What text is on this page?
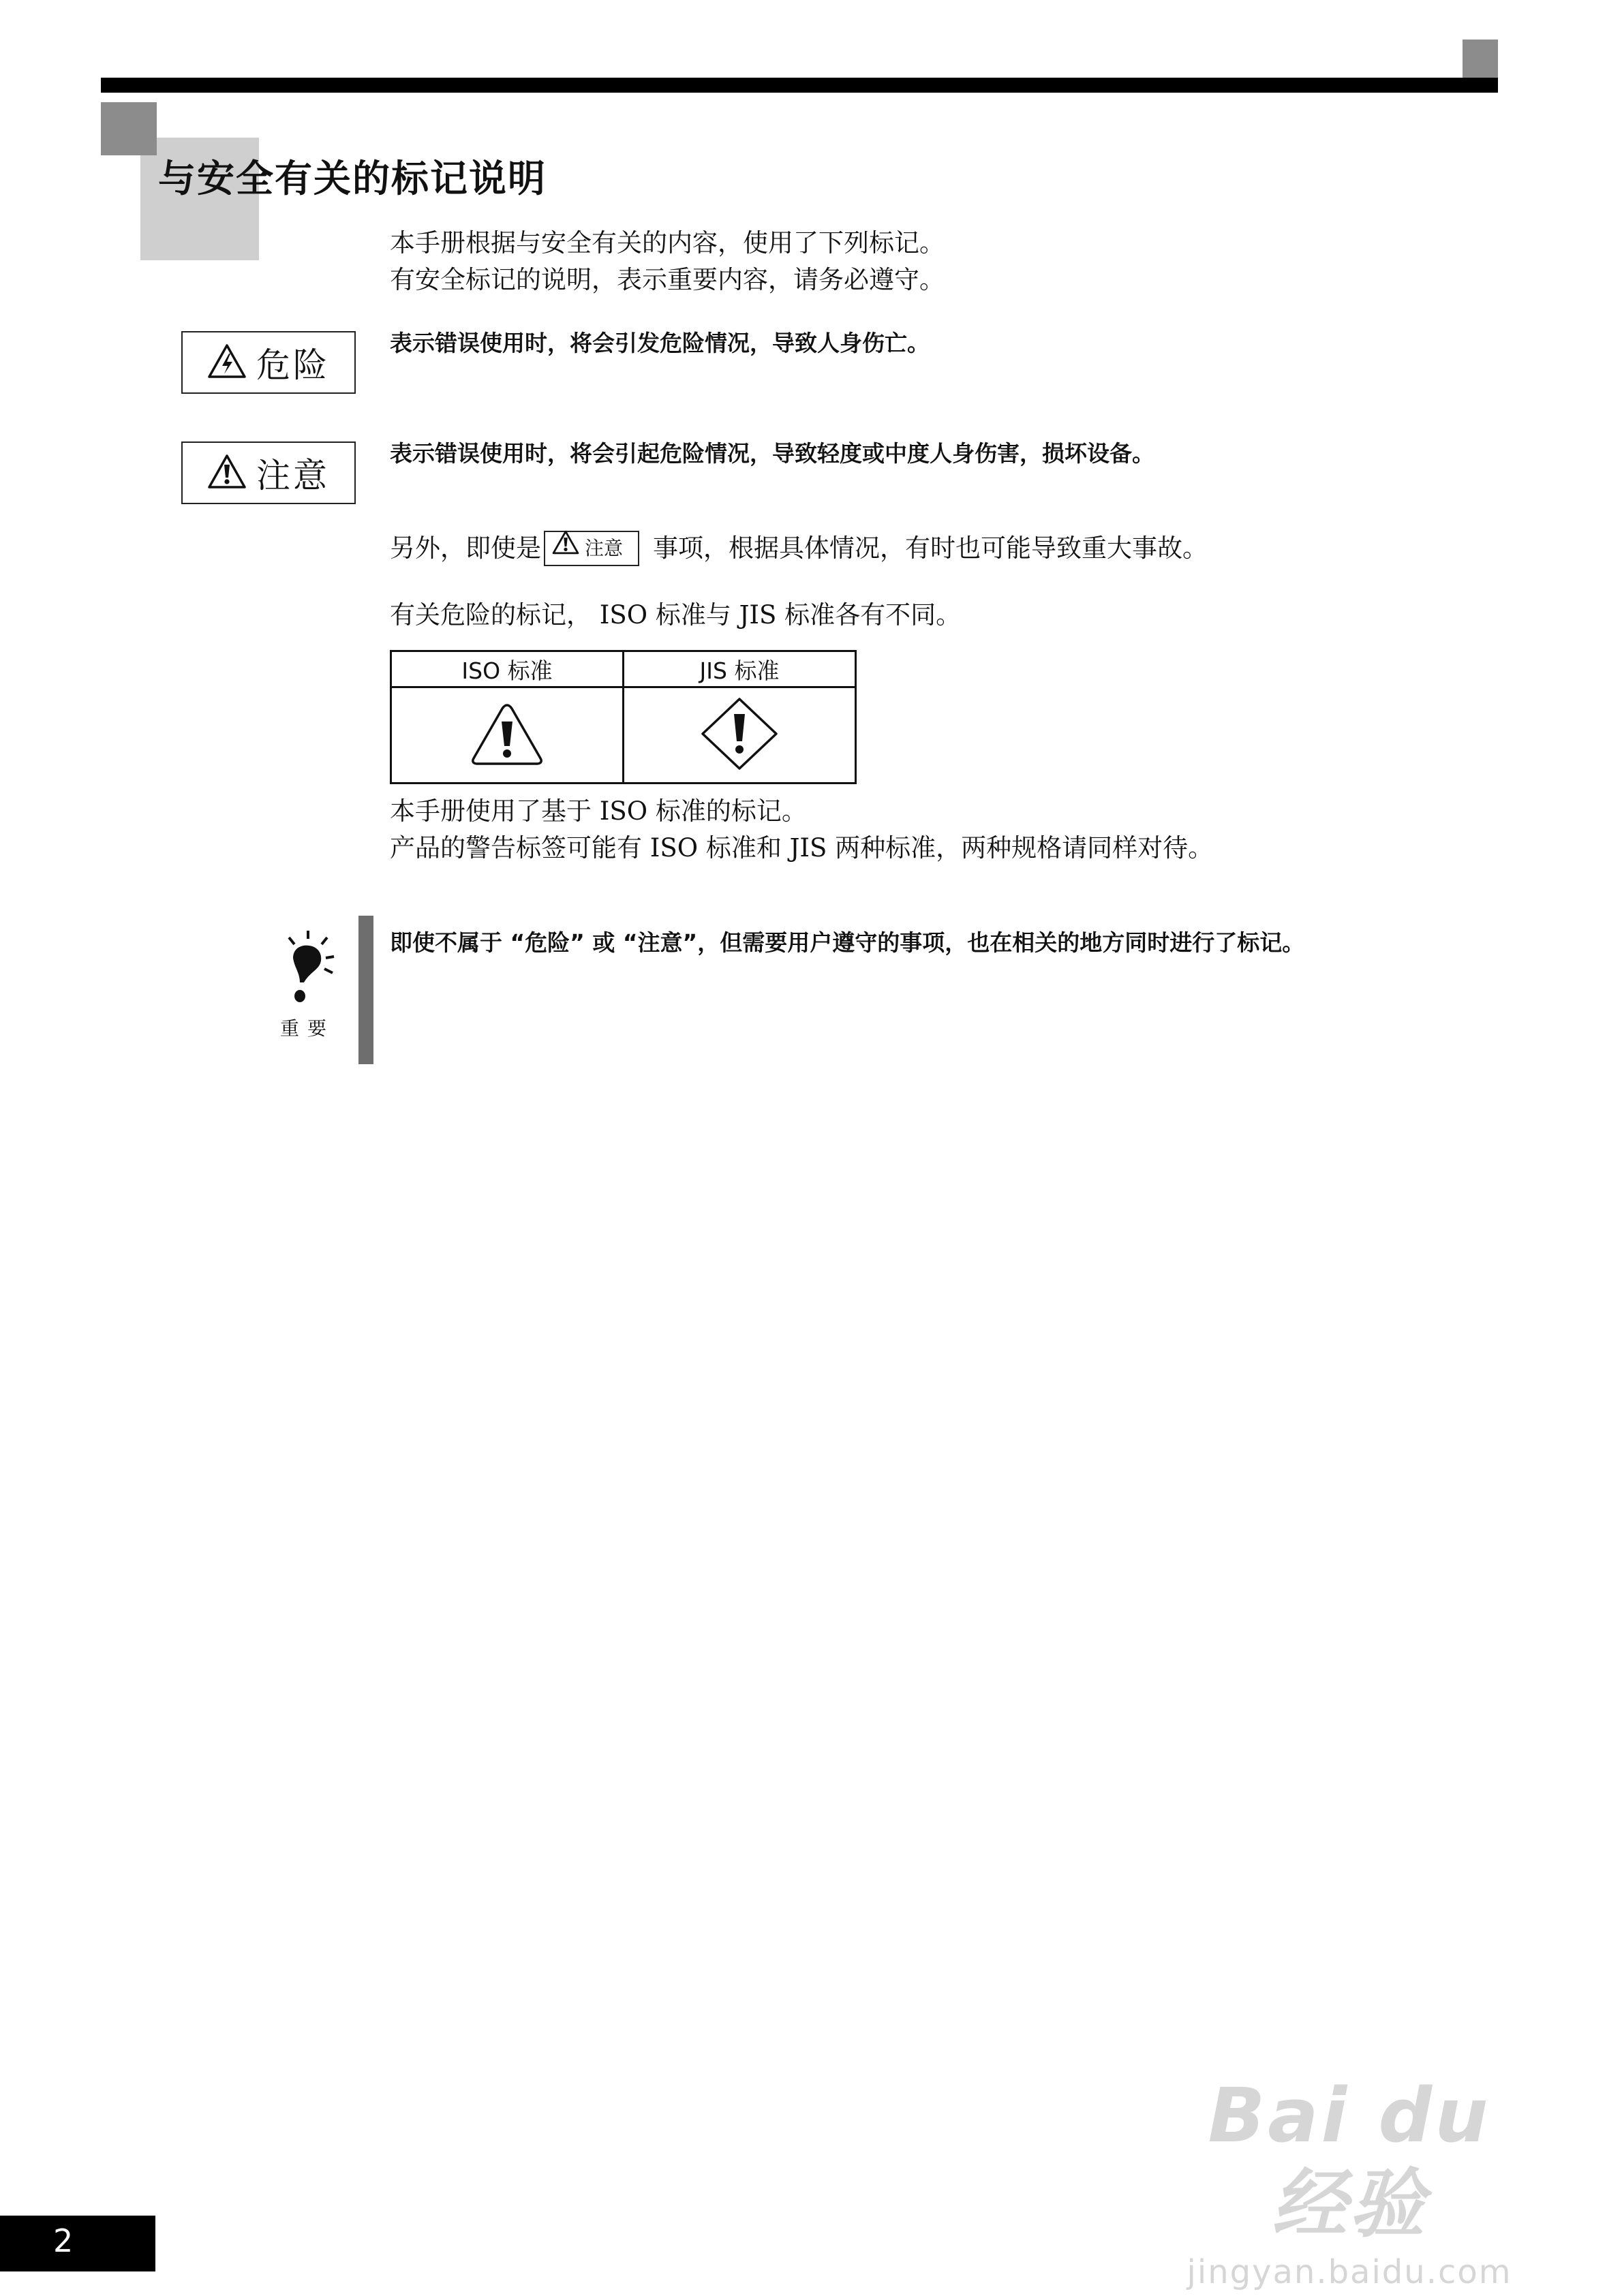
与安全有关的标记说明
本手册根据与安全有关的内容，使用了下列标记。
有安全标记的说明，表示重要内容，请务必遵守。
危险
表示错误使用时，将会引发危险情况，导致人身伤亡。
注意
表示错误使用时，将会引起危险情况，导致轻度或中度人身伤害，损坏设备。
另外，即使是 注意 事项，根据具体情况，有时也可能导致重大事故。
有关危险的标记， ISO 标准与 JIS 标准各有不同。
ISO 标准	JIS 标准

本手册使用了基于 ISO 标准的标记。
产品的警告标签可能有 ISO 标准和 JIS 两种标准，两种规格请同样对待。
重要
即使不属于 “危险” 或 “注意”，但需要用户遵守的事项，也在相关的地方同时进行了标记。
Bai du 经验
jingyan.baidu.com
2
